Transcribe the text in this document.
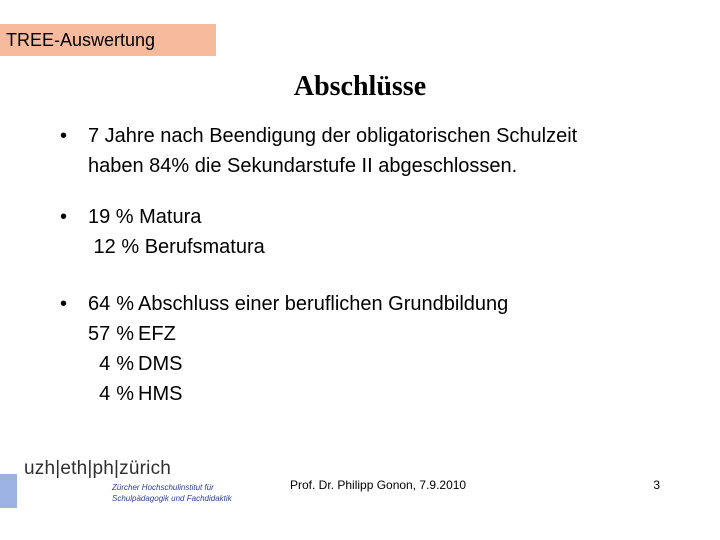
TREE-Auswertung
Abschlüsse
•	7 Jahre nach Beendigung der obligatorischen Schulzeit
haben 84% die Sekundarstufe II abgeschlossen.
•	19 % Matura
12 % Berufsmatura
•	64	%	Abschluss einer beruflichen Grundbildung
57	%	EFZ
4	%	DMS
4	%	HMS
uzh|eth|ph|zürich
Zürcher Hochschulinstitut für
Schulpädagogik und Fachdidaktik
Prof. Dr. Philipp Gonon, 7.9.2010	3
